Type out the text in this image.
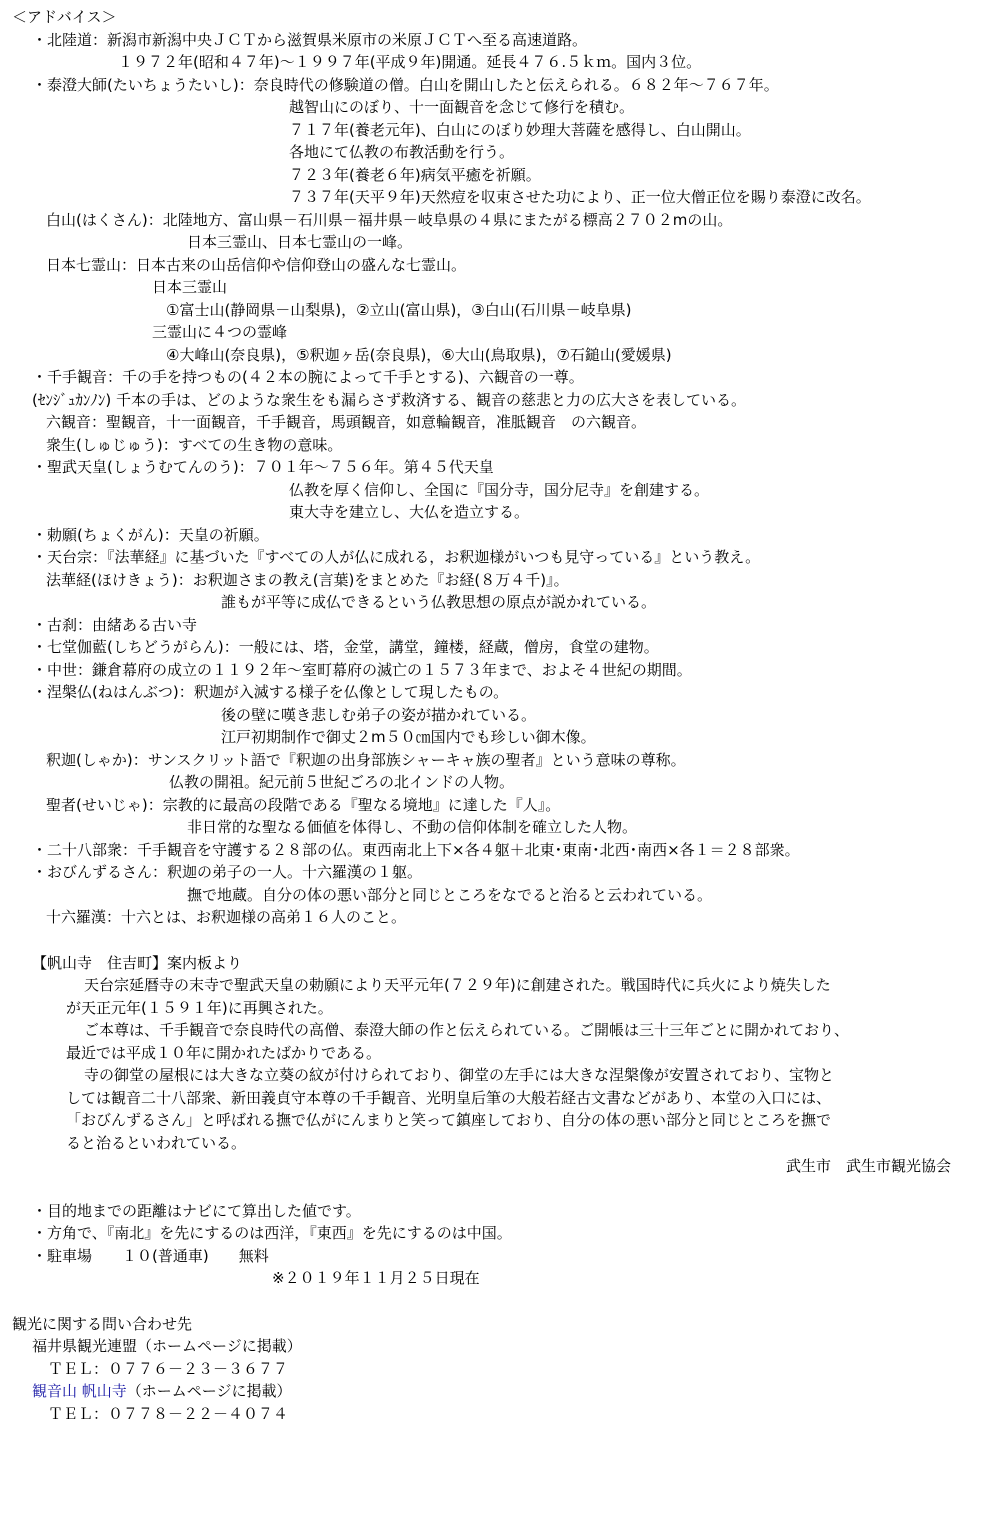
＜アドバイス＞
・北陸道：新潟市新潟中央ＪＣＴから滋賀県米原市の米原ＪＣＴへ至る高速道路。
１９７２年(昭和４７年)～１９９７年(平成９年)開通。延長４７６.５ｋｍ。国内３位。
・泰澄大師(たいちょうたいし)：奈良時代の修験道の僧。白山を開山したと伝えられる。６８２年～７６７年。
越智山にのぼり、十一面観音を念じて修行を積む。
７１７年(養老元年)、白山にのぼり妙理大菩薩を感得し、白山開山。
各地にて仏教の布教活動を行う。
７２３年(養老６年)病気平癒を祈願。
７３７年(天平９年)天然痘を収束させた功により、正一位大僧正位を賜り泰澄に改名。
白山(はくさん)：北陸地方、富山県－石川県－福井県－岐阜県の４県にまたがる標高２７０２mの山。
日本三霊山、日本七霊山の一峰。
日本七霊山：日本古来の山岳信仰や信仰登山の盛んな七霊山。
日本三霊山
①富士山(静岡県－山梨県)，②立山(富山県)，③白山(石川県－岐阜県)
三霊山に４つの霊峰
④大峰山(奈良県)，⑤釈迦ヶ岳(奈良県)，⑥大山(鳥取県)，⑦石鎚山(愛媛県)
・千手観音：千の手を持つもの(４２本の腕によって千手とする)、六観音の一尊。
(ｾﾝｼﾞｭｶﾝﾉﾝ) 千本の手は、どのような衆生をも漏らさず救済する、観音の慈悲と力の広大さを表している。
六観音：聖観音，十一面観音，千手観音，馬頭観音，如意輪観音，准胝観音　の六観音。
衆生(しゅじゅう)：すべての生き物の意味。
・聖武天皇(しょうむてんのう)：７０１年～７５６年。第４５代天皇
仏教を厚く信仰し、全国に『国分寺，国分尼寺』を創建する。
東大寺を建立し、大仏を造立する。
・勅願(ちょくがん)：天皇の祈願。
・天台宗：『法華経』に基づいた『すべての人が仏に成れる，お釈迦様がいつも見守っている』という教え。
法華経(ほけきょう)：お釈迦さまの教え(言葉)をまとめた『お経(８万４千)』。
誰もが平等に成仏できるという仏教思想の原点が説かれている。
・古刹：由緒ある古い寺
・七堂伽藍(しちどうがらん)：一般には、塔，金堂，講堂，鐘楼，経蔵，僧房，食堂の建物。
・中世：鎌倉幕府の成立の１１９２年～室町幕府の滅亡の１５７３年まで、およそ４世紀の期間。
・涅槃仏(ねはんぶつ)：釈迦が入滅する様子を仏像として現したもの。
後の壁に嘆き悲しむ弟子の姿が描かれている。
江戸初期制作で御丈２m５０㎝国内でも珍しい御木像。
釈迦(しゃか)：サンスクリット語で『釈迦の出身部族シャーキャ族の聖者』という意味の尊称。
仏教の開祖。紀元前５世紀ごろの北インドの人物。
聖者(せいじゃ)：宗教的に最高の段階である『聖なる境地』に達した『人』。
非日常的な聖なる価値を体得し、不動の信仰体制を確立した人物。
・二十八部衆：千手観音を守護する２８部の仏。東西南北上下×各４躯＋北東･東南･北西･南西×各１＝２８部衆。
・おびんずるさん：釈迦の弟子の一人。十六羅漢の１躯。
撫で地蔵。自分の体の悪い部分と同じところをなでると治ると云われている。
十六羅漢：十六とは、お釈迦様の高弟１６人のこと。
【帆山寺　住吉町】案内板より
天台宗延暦寺の末寺で聖武天皇の勅願により天平元年(７２９年)に創建された。戦国時代に兵火により焼失した
が天正元年(１５９１年)に再興された。
ご本尊は、千手観音で奈良時代の高僧、泰澄大師の作と伝えられている。ご開帳は三十三年ごとに開かれており、
最近では平成１０年に開かれたばかりである。
寺の御堂の屋根には大きな立葵の紋が付けられており、御堂の左手には大きな涅槃像が安置されており、宝物と
しては観音二十八部衆、新田義貞守本尊の千手観音、光明皇后筆の大般若経古文書などがあり、本堂の入口には、
「おびんずるさん」と呼ばれる撫で仏がにんまりと笑って鎮座しており、自分の体の悪い部分と同じところを撫で
ると治るといわれている。
武生市　武生市観光協会
・目的地までの距離はナビにて算出した値です。
・方角で、『南北』を先にするのは西洋，『東西』を先にするのは中国。
・駐車場　　１０(普通車)　　無料
※２０１９年１１月２５日現在
観光に関する問い合わせ先
福井県観光連盟（ホームページに掲載）
ＴＥＬ：０７７６－２３－３６７７
観音山 帆山寺（ホームページに掲載）
ＴＥＬ：０７７８－２２－４０７４
